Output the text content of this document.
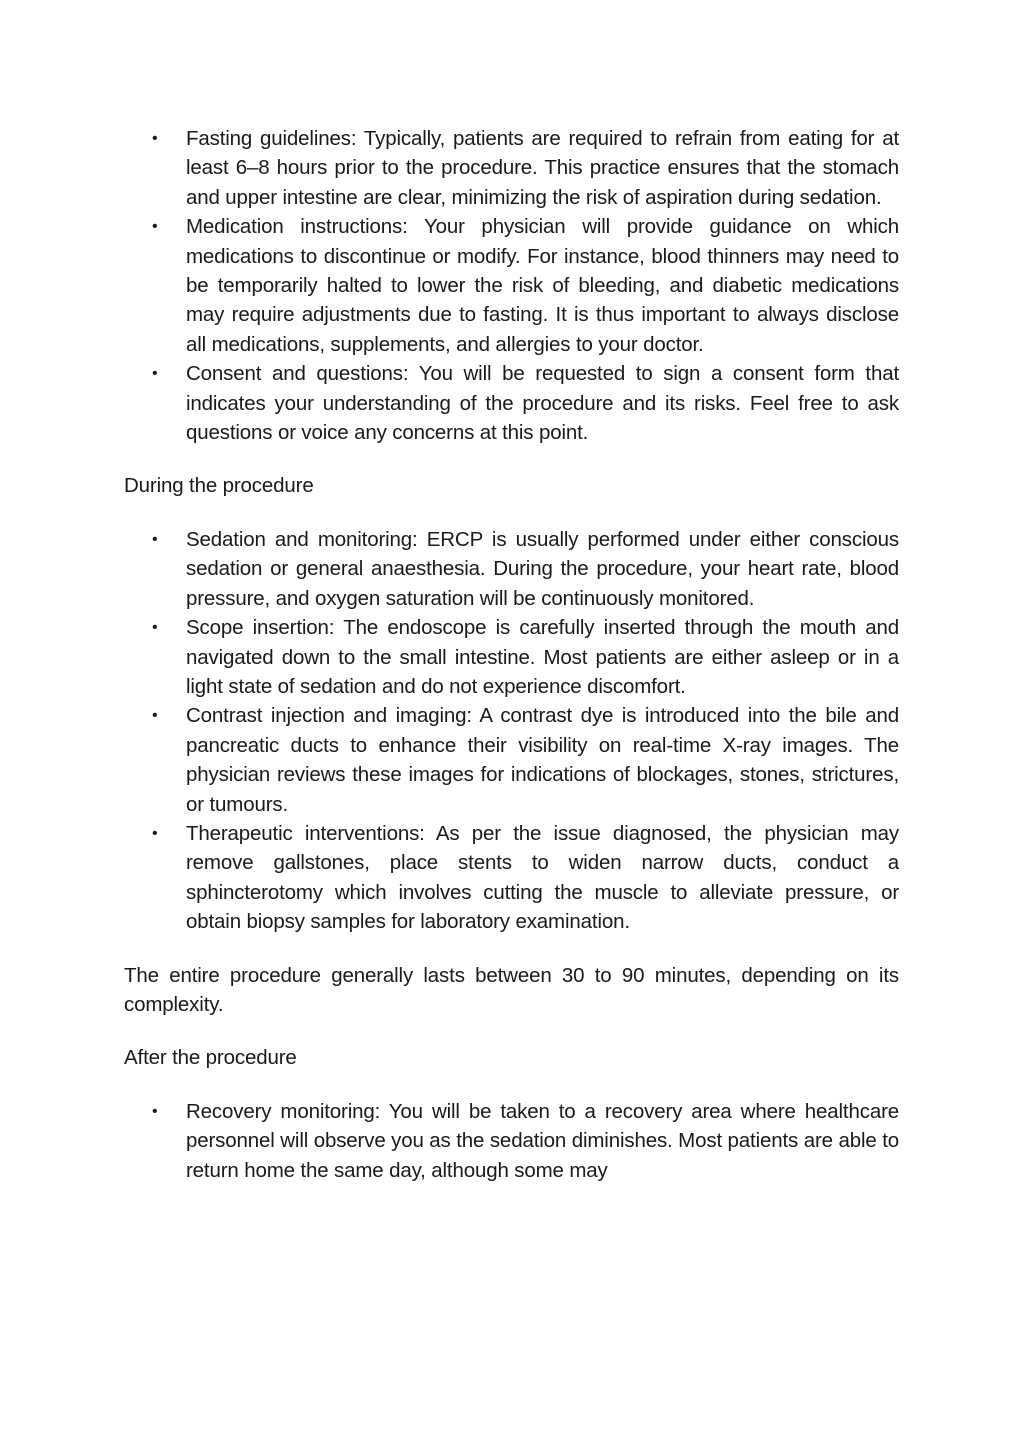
• Fasting guidelines: Typically, patients are required to refrain from eating for at least 6–8 hours prior to the procedure. This practice ensures that the stomach and upper intestine are clear, minimizing the risk of aspiration during sedation.
• Medication instructions: Your physician will provide guidance on which medications to discontinue or modify. For instance, blood thinners may need to be temporarily halted to lower the risk of bleeding, and diabetic medications may require adjustments due to fasting. It is thus important to always disclose all medications, supplements, and allergies to your doctor.
• Consent and questions: You will be requested to sign a consent form that indicates your understanding of the procedure and its risks. Feel free to ask questions or voice any concerns at this point.

During the procedure

• Sedation and monitoring: ERCP is usually performed under either conscious sedation or general anaesthesia. During the procedure, your heart rate, blood pressure, and oxygen saturation will be continuously monitored.
• Scope insertion: The endoscope is carefully inserted through the mouth and navigated down to the small intestine. Most patients are either asleep or in a light state of sedation and do not experience discomfort.
• Contrast injection and imaging: A contrast dye is introduced into the bile and pancreatic ducts to enhance their visibility on real-time X-ray images. The physician reviews these images for indications of blockages, stones, strictures, or tumours.
• Therapeutic interventions: As per the issue diagnosed, the physician may remove gallstones, place stents to widen narrow ducts, conduct a sphincterotomy which involves cutting the muscle to alleviate pressure, or obtain biopsy samples for laboratory examination.

The entire procedure generally lasts between 30 to 90 minutes, depending on its complexity.

After the procedure

• Recovery monitoring: You will be taken to a recovery area where healthcare personnel will observe you as the sedation diminishes. Most patients are able to return home the same day, although some may
